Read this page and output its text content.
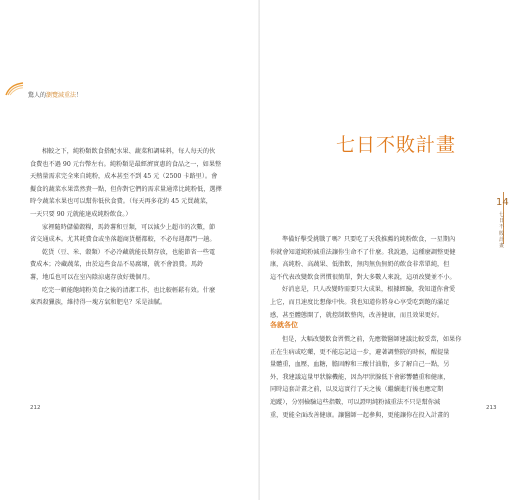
驚人的瀏覽減重法！

相較之下，純粉類飲食搭配水果、蔬菜和調味料，每人每天的伙

食費也不過 90 元台幣左右。純粉類是最經濟實惠的食品之一，如果整

天熱量需求完全來自純粉，成本甚至不到 45 元（2500 卡路里）。會

擬食的蔬菜水果當然貴一點，但你對它們的需求量通常比純粉低，選擇

時令蔬菜水果也可以幫你低伙食費。（每天再多花約 45 元買蔬菜，

一天只要 90 元就能達成純粉飲食。）

家裡隨時儲備穀糧，馬鈴薯和豆類，可以減少上超市的次數，節

省交通成本。尤其耗費食或坐落超商貨櫃都較，不必每週都門一趟。

乾貨（豆、米、穀類）不必冷藏就能長期存放，也能節省一些電

費成本；冷藏蔬菜，由於這些食品不易腐壞，就不會浪費。馬鈴

薯，地瓜也可以在室內陰涼處存放好幾個月。

吃完一頓能飽純粉美食之後的清潔工作，也比較輕鬆有效。什麼

東西殺獵族，維持得一塊方氣和肥皂？采是油膩。

212
七日不敗計畫
14
七日不敗計畫

準備好擊受挑戰了嗎？只要吃了天我推薦的純粉飲食，一星期內

你就會知道純粉減重法讓你生命不了什麼。我說過，這種麼調整更健

康，高純粉、高蔬果、低脂飲，無肉無魚無奶的飲食非常單純，但

這不代表改變飲食習慣很簡單，對大多數人來說，這項改變並不小。

好消息是，只人改變時需要只大成果，根據經驗，我知道你會愛

上它，而且速度比想像中快。我也知道你將身心享受吃到飽的滿足

感，甚至體態開了，就控制飲整肉，改善健康，而且效果更好。

各就各位

但是，大幅改變飲食習慣之前，先應徵醫師建議比較妥當，如果你

正在生病或吃藥，更不能忘記這一步，避著調整院的時候，醒提量

量體重，血壓，血糖，膽固醇和三酸甘油脂，多了解自己一點，另

外，我建議這量甲狀腺機能，因為甲狀腺低下會影響體重和健康，

同時這套計畫之前，以及這實行了天之後（繼續進行後也應定期

追蹤），分別檢驗這些指數，可以證明純粉減重法不只是幫你減

重，更能全面改善健康。讓醫師一起參與，更能讓你在投入計畫的

213
